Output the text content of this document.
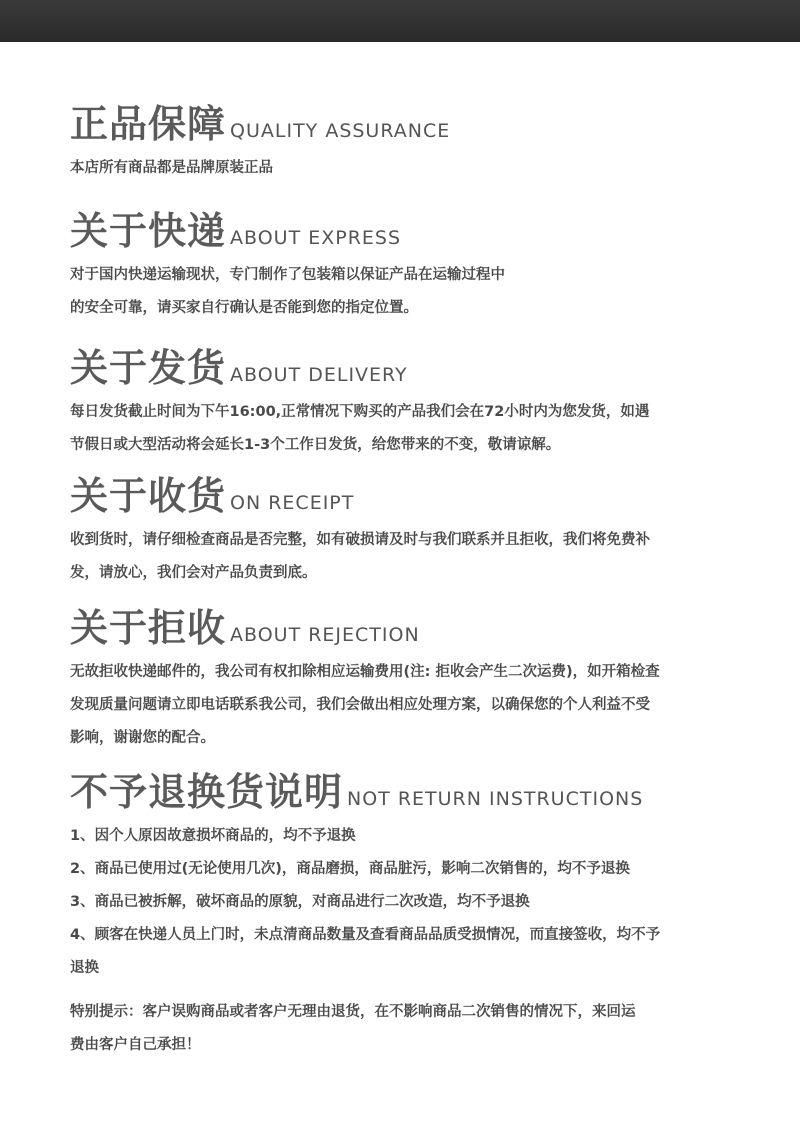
正品保障 QUALITY ASSURANCE
本店所有商品都是品牌原装正品
关于快递 ABOUT EXPRESS
对于国内快递运输现状，专门制作了包装箱以保证产品在运输过程中
的安全可靠，请买家自行确认是否能到您的指定位置。
关于发货 ABOUT DELIVERY
每日发货截止时间为下午16:00,正常情况下购买的产品我们会在72小时内为您发货，如遇
节假日或大型活动将会延长1-3个工作日发货，给您带来的不变，敬请谅解。
关于收货 ON RECEIPT
收到货时，请仔细检查商品是否完整，如有破损请及时与我们联系并且拒收，我们将免费补
发，请放心，我们会对产品负责到底。
关于拒收 ABOUT REJECTION
无故拒收快递邮件的，我公司有权扣除相应运输费用(注: 拒收会产生二次运费)，如开箱检查
发现质量问题请立即电话联系我公司，我们会做出相应处理方案，以确保您的个人利益不受
影响，谢谢您的配合。
不予退换货说明 NOT RETURN INSTRUCTIONS
1、因个人原因故意损坏商品的，均不予退换
2、商品已使用过(无论使用几次)，商品磨损，商品脏污，影响二次销售的，均不予退换
3、商品已被拆解，破坏商品的原貌，对商品进行二次改造，均不予退换
4、顾客在快递人员上门时，未点清商品数量及查看商品品质受损情况，而直接签收，均不予
退换
特别提示：客户误购商品或者客户无理由退货，在不影响商品二次销售的情况下，来回运
费由客户自己承担！
